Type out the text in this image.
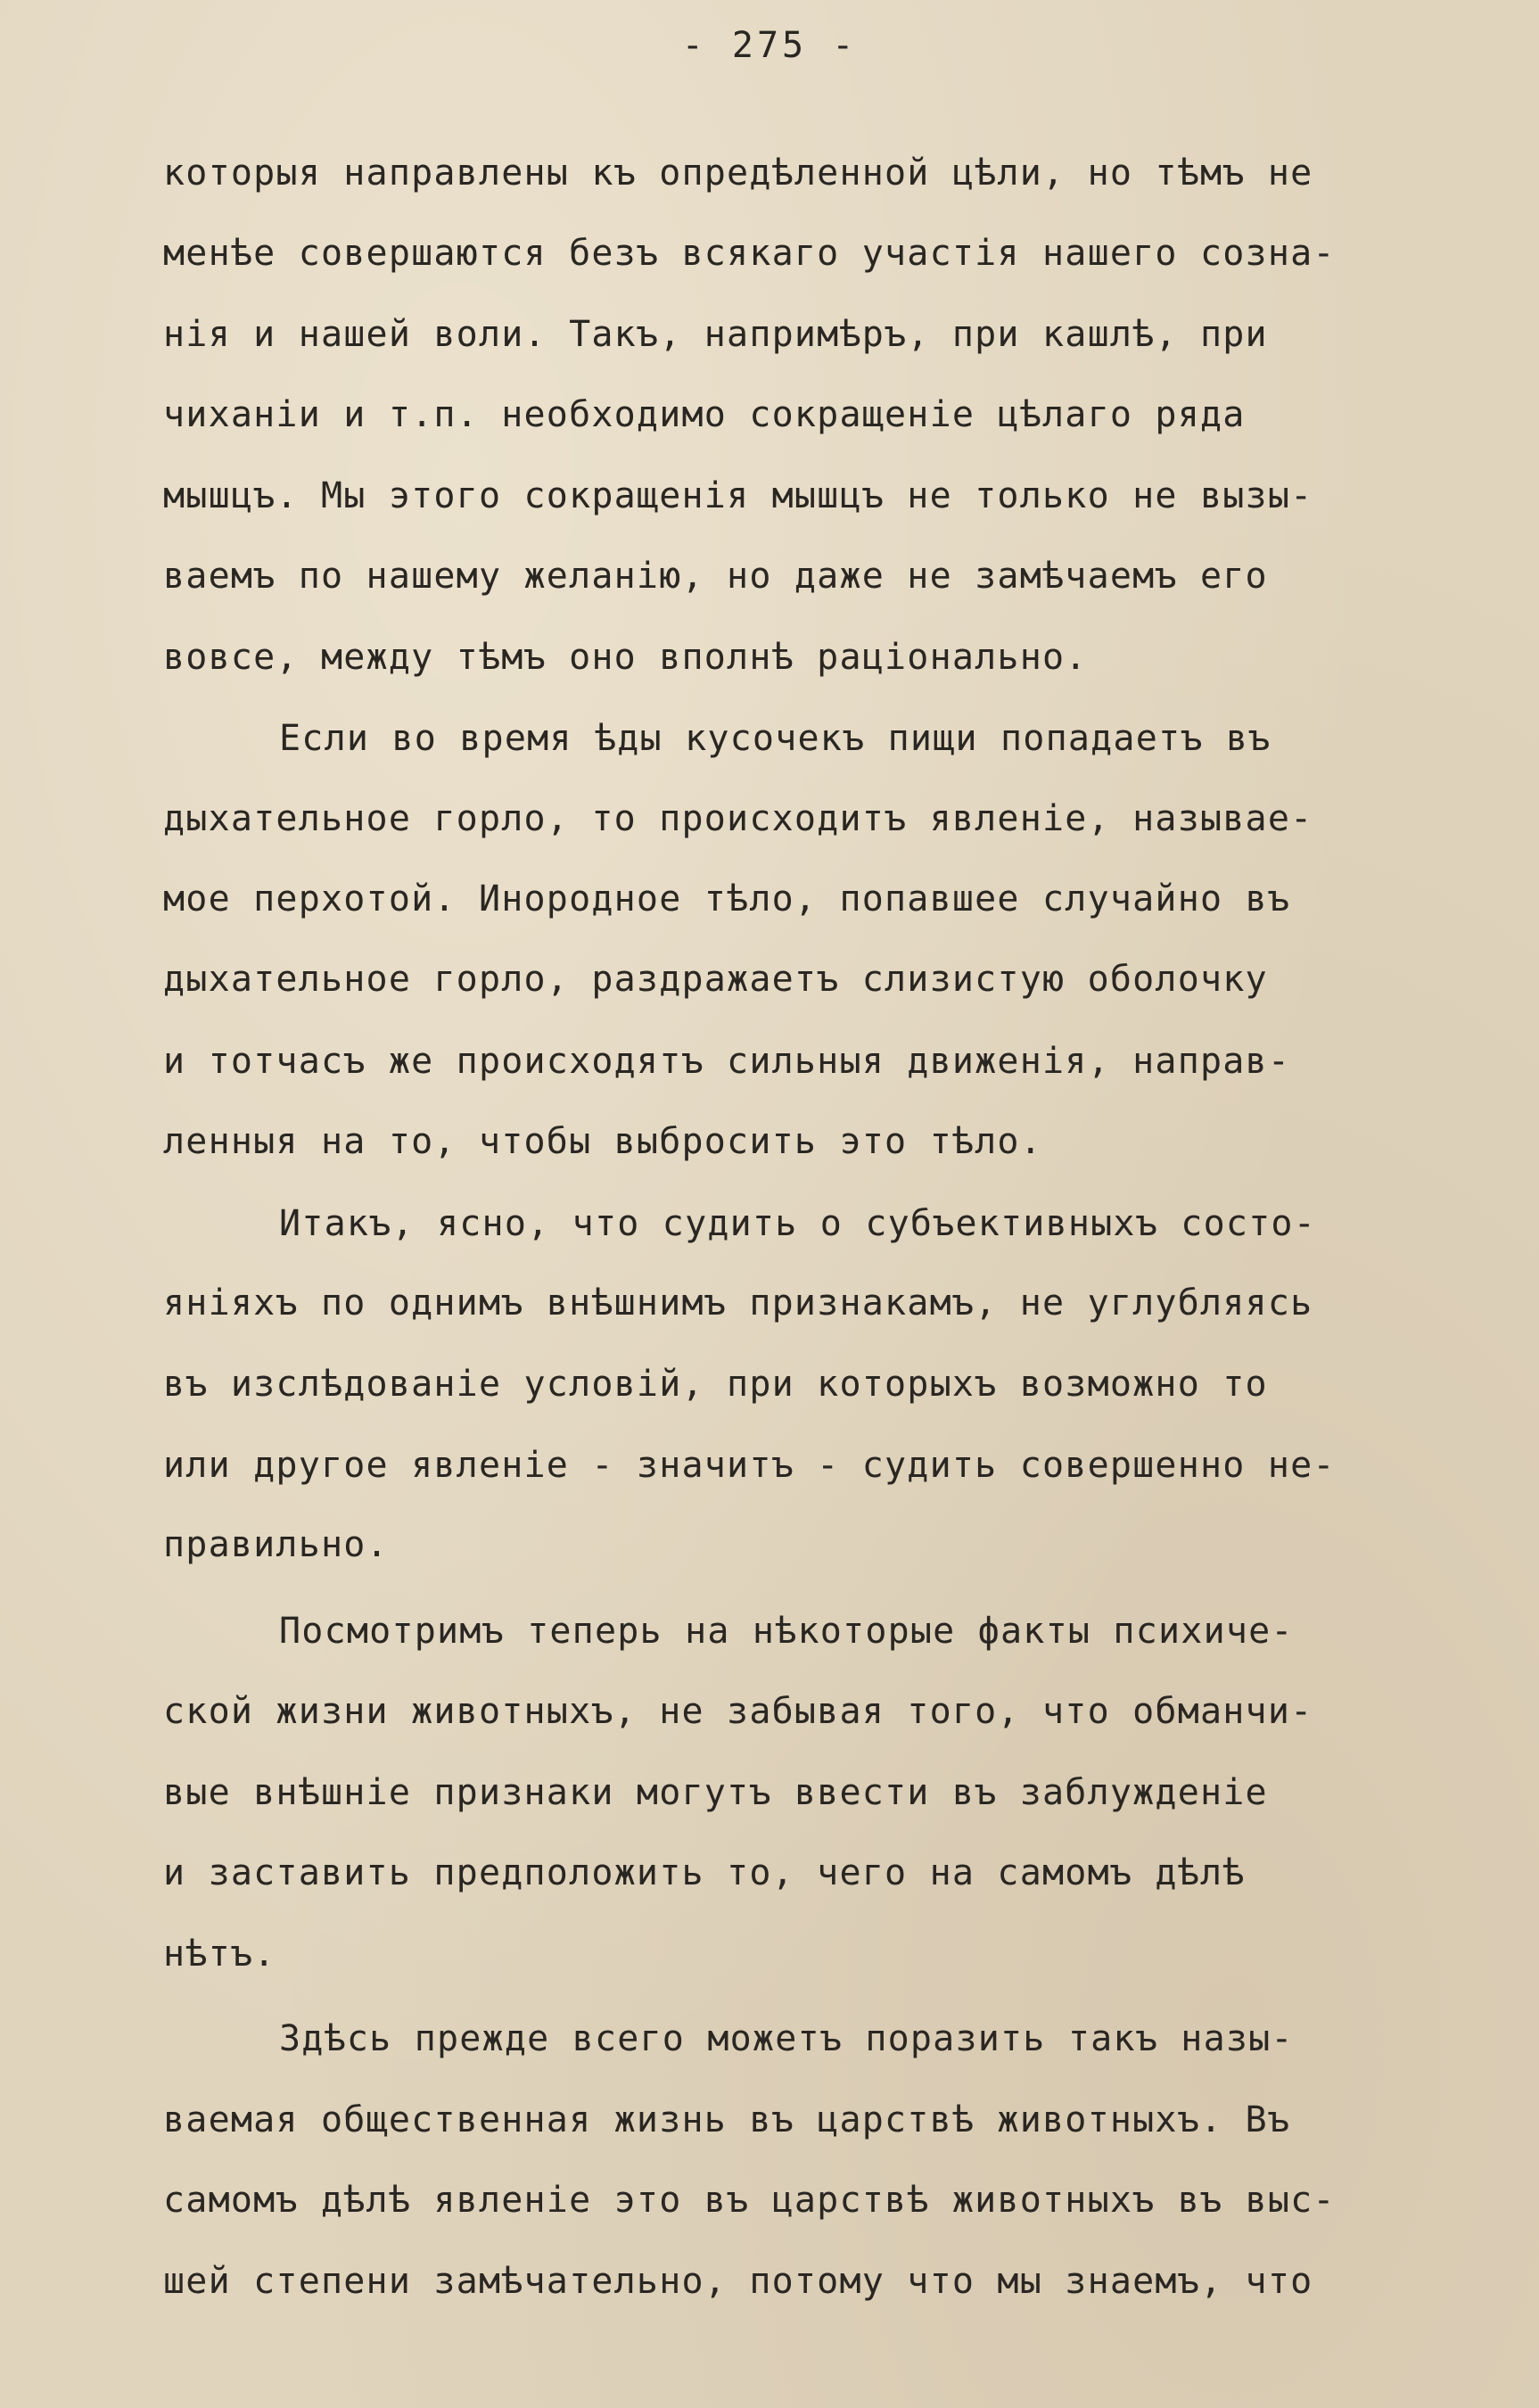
- 275 -
которыя направлены къ опредѣленной цѣли, но тѣмъ не
менѣе совершаются безъ всякаго участія нашего созна-
нія и нашей воли. Такъ, напримѣръ, при кашлѣ, при
чиханіи и т.п. необходимо сокращеніе цѣлаго ряда
мышцъ. Мы этого сокращенія мышцъ не только не вызы-
ваемъ по нашему желанію, но даже не замѣчаемъ его
вовсе, между тѣмъ оно вполнѣ раціонально.
Если во время ѣды кусочекъ пищи попадаетъ въ
дыхательное горло, то происходитъ явленіе, называе-
мое перхотой. Инородное тѣло, попавшее случайно въ
дыхательное горло, раздражаетъ слизистую оболочку
и тотчасъ же происходятъ сильныя движенія, направ-
ленныя на то, чтобы выбросить это тѣло.
Итакъ, ясно, что судить о субъективныхъ состо-
яніяхъ по однимъ внѣшнимъ признакамъ, не углубляясь
въ изслѣдованіе условій, при которыхъ возможно то
или другое явленіе - значитъ - судить совершенно не-
правильно.
Посмотримъ теперь на нѣкоторые факты психиче-
ской жизни животныхъ, не забывая того, что обманчи-
вые внѣшніе признаки могутъ ввести въ заблужденіе
и заставить предположить то, чего на самомъ дѣлѣ
нѣтъ.
Здѣсь прежде всего можетъ поразить такъ назы-
ваемая общественная жизнь въ царствѣ животныхъ. Въ
самомъ дѣлѣ явленіе это въ царствѣ животныхъ въ выс-
шей степени замѣчательно, потому что мы знаемъ, что
